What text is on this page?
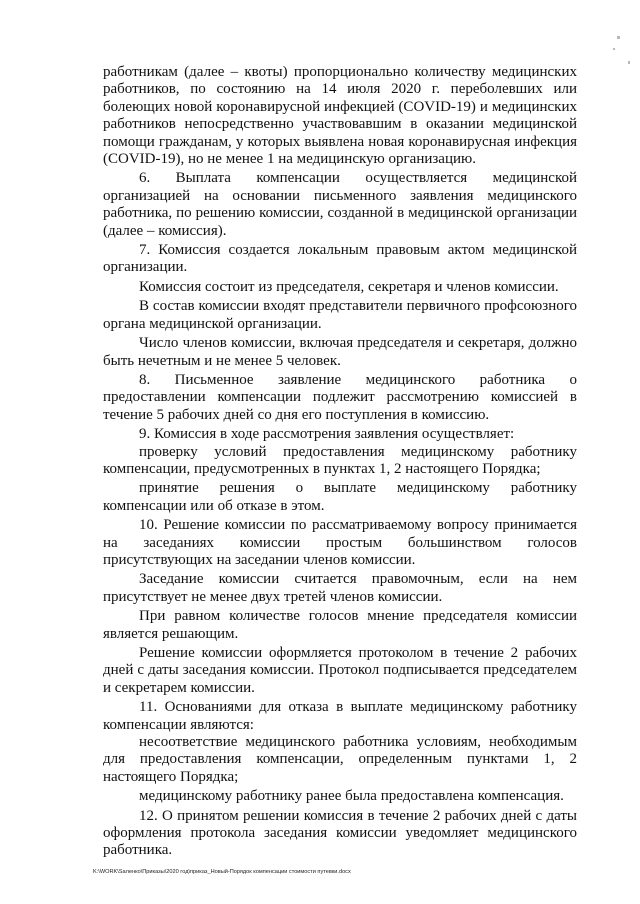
работникам (далее – квоты) пропорционально количеству медицинских работников, по состоянию на 14 июля 2020 г. переболевших или болеющих новой коронавирусной инфекцией (COVID-19) и медицинских работников непосредственно участвовавшим в оказании медицинской помощи гражданам, у которых выявлена новая коронавирусная инфекция (COVID-19), но не менее 1 на медицинскую организацию.

6. Выплата компенсации осуществляется медицинской организацией на основании письменного заявления медицинского работника, по решению комиссии, созданной в медицинской организации (далее – комиссия).

7. Комиссия создается локальным правовым актом медицинской организации.

Комиссия состоит из председателя, секретаря и членов комиссии.

В состав комиссии входят представители первичного профсоюзного органа медицинской организации.

Число членов комиссии, включая председателя и секретаря, должно быть нечетным и не менее 5 человек.

8. Письменное заявление медицинского работника о предоставлении компенсации подлежит рассмотрению комиссией в течение 5 рабочих дней со дня его поступления в комиссию.

9. Комиссия в ходе рассмотрения заявления осуществляет:

проверку условий предоставления медицинскому работнику компенсации, предусмотренных в пунктах 1, 2 настоящего Порядка;

принятие решения о выплате медицинскому работнику компенсации или об отказе в этом.

10. Решение комиссии по рассматриваемому вопросу принимается на заседаниях комиссии простым большинством голосов присутствующих на заседании членов комиссии.

Заседание комиссии считается правомочным, если на нем присутствует не менее двух третей членов комиссии.

При равном количестве голосов мнение председателя комиссии является решающим.

Решение комиссии оформляется протоколом в течение 2 рабочих дней с даты заседания комиссии. Протокол подписывается председателем и секретарем комиссии.

11. Основаниями для отказа в выплате медицинскому работнику компенсации являются:

несоответствие медицинского работника условиям, необходимым для предоставления компенсации, определенным пунктами 1, 2 настоящего Порядка;

медицинскому работнику ранее была предоставлена компенсация.

12. О принятом решении комиссия в течение 2 рабочих дней с даты оформления протокола заседания комиссии уведомляет медицинского работника.

K:\WORK\Sаленко\Приказы\2020 год\приказ_Новый-Порядок компенсации стоимости путевки.docx
